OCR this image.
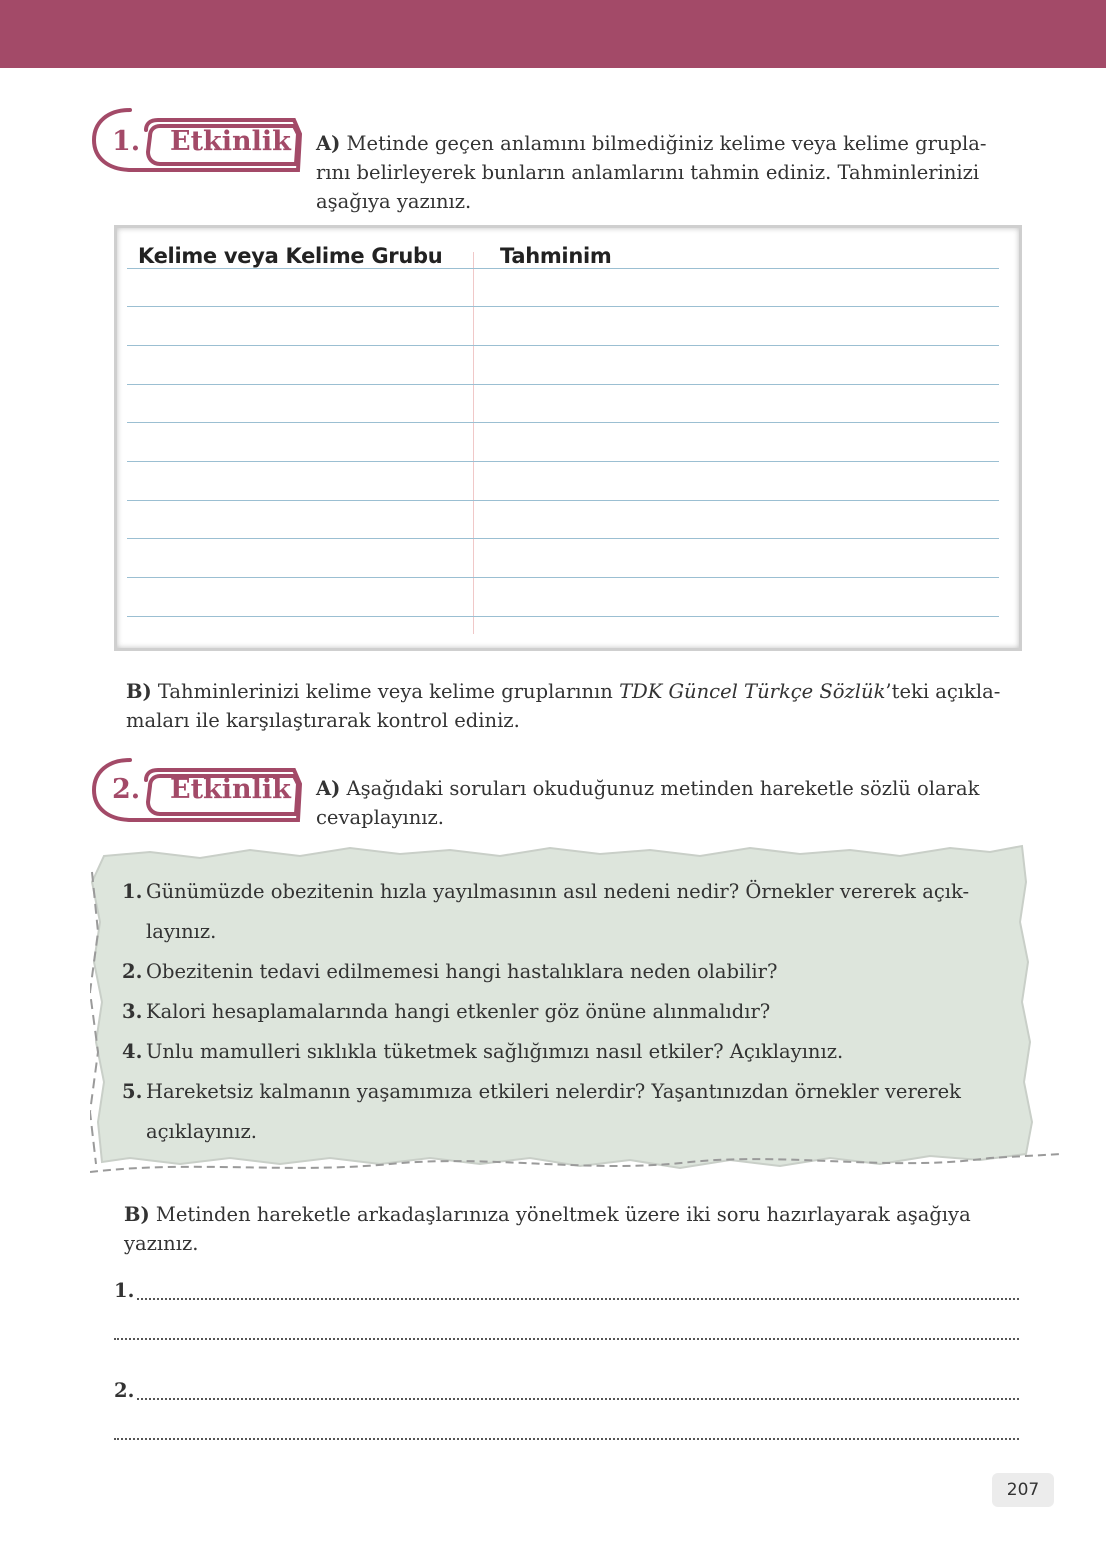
1. Etkinlik A) Metinde geçen anlamını bilmediğiniz kelime veya kelime grupla-
rını belirleyerek bunların anlamlarını tahmin ediniz. Tahminlerinizi
aşağıya yazınız.
Kelime veya Kelime Grubu	Tahminim
B) Tahminlerinizi kelime veya kelime gruplarının TDK Güncel Türkçe Sözlük’teki açıkla-
maları ile karşılaştırarak kontrol ediniz.
2. Etkinlik A) Aşağıdaki soruları okuduğunuz metinden hareketle sözlü olarak
cevaplayınız.
1. Günümüzde obezitenin hızla yayılmasının asıl nedeni nedir? Örnekler vererek açık-
layınız.
2. Obezitenin tedavi edilmemesi hangi hastalıklara neden olabilir?
3. Kalori hesaplamalarında hangi etkenler göz önüne alınmalıdır?
4. Unlu mamulleri sıklıkla tüketmek sağlığımızı nasıl etkiler? Açıklayınız.
5. Hareketsiz kalmanın yaşamımıza etkileri nelerdir? Yaşantınızdan örnekler vererek
açıklayınız.
B) Metinden hareketle arkadaşlarınıza yöneltmek üzere iki soru hazırlayarak aşağıya
yazınız.
1.
2.
207
